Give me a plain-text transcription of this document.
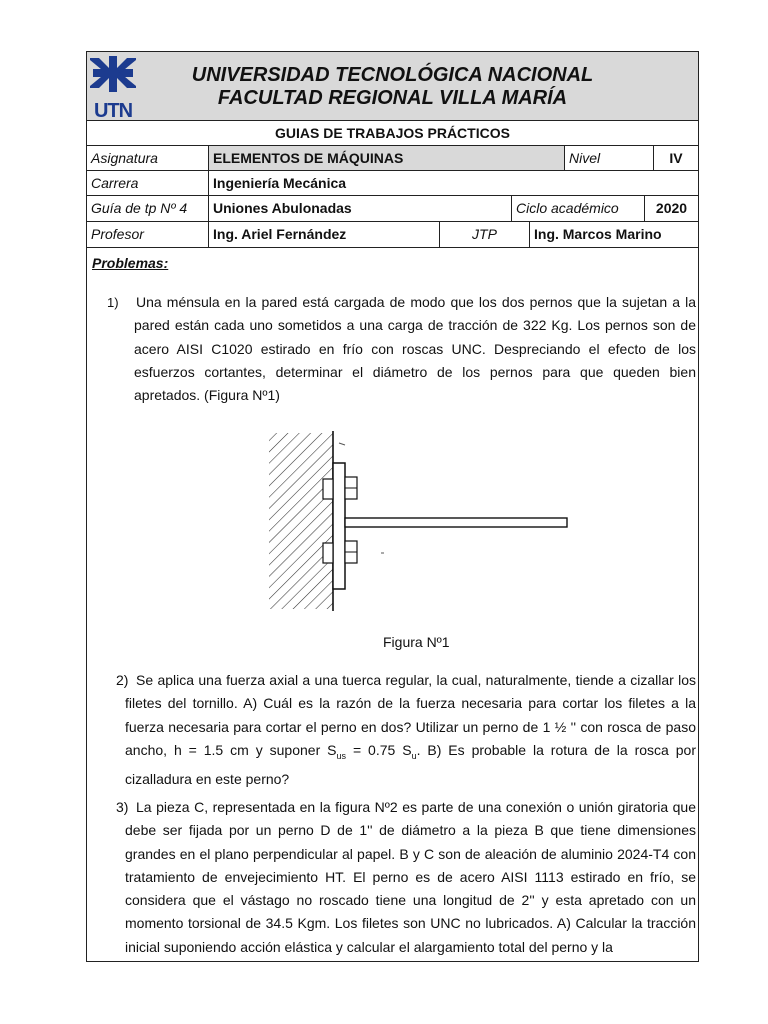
UTN
UNIVERSIDAD TECNOLÓGICA NACIONAL
FACULTAD REGIONAL VILLA MARÍA
GUIAS DE TRABAJOS PRÁCTICOS
Asignatura	ELEMENTOS DE MÁQUINAS	Nivel	IV
Carrera	Ingeniería Mecánica
Guía de tp Nº 4	Uniones Abulonadas	Ciclo académico	2020
Profesor	Ing. Ariel Fernández	JTP	Ing. Marcos Marino
Problemas:
1) Una ménsula en la pared está cargada de modo que los dos pernos que la sujetan a la pared están cada uno sometidos a una carga de tracción de 322 Kg. Los pernos son de acero AISI C1020 estirado en frío con roscas UNC. Despreciando el efecto de los esfuerzos cortantes, determinar el diámetro de los pernos para que queden bien apretados. (Figura Nº1)
Figura Nº1
2) Se aplica una fuerza axial a una tuerca regular, la cual, naturalmente, tiende a cizallar los filetes del tornillo. A) Cuál es la razón de la fuerza necesaria para cortar los filetes a la fuerza necesaria para cortar el perno en dos? Utilizar un perno de 1 ½ '' con rosca de paso ancho, h = 1.5 cm y suponer $S_{us} = 0.75$ $S_u$. B) Es probable la rotura de la rosca por cizalladura en este perno?
3) La pieza C, representada en la figura Nº2 es parte de una conexión o unión giratoria que debe ser fijada por un perno D de 1'' de diámetro a la pieza B que tiene dimensiones grandes en el plano perpendicular al papel. B y C son de aleación de aluminio 2024-T4 con tratamiento de envejecimiento HT. El perno es de acero AISI 1113 estirado en frío, se considera que el vástago no roscado tiene una longitud de 2'' y esta apretado con un momento torsional de 34.5 Kgm. Los filetes son UNC no lubricados. A) Calcular la tracción inicial suponiendo acción elástica y calcular el alargamiento total del perno y la
